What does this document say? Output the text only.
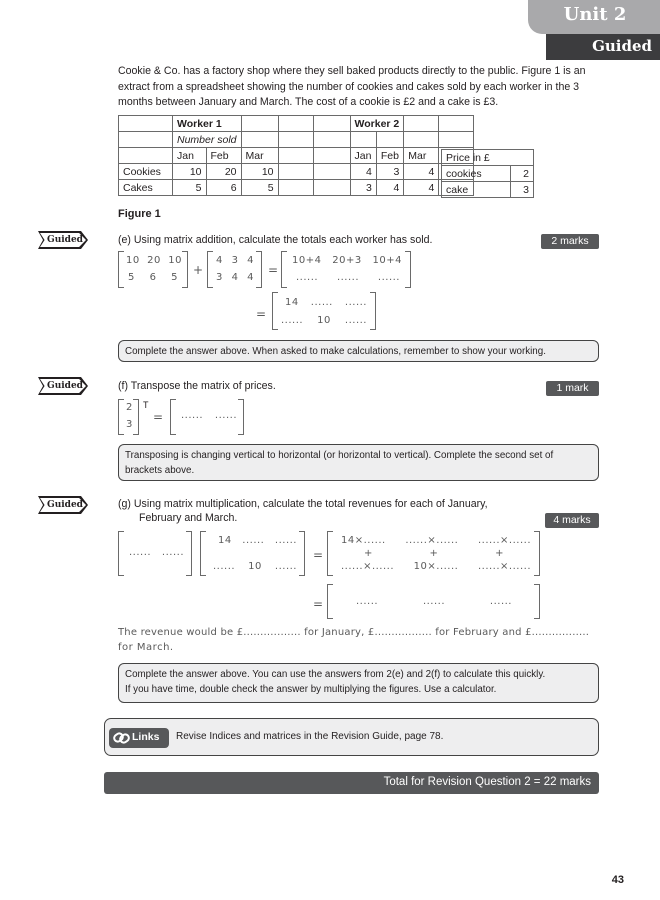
Unit 2
Guided
Cookie & Co. has a factory shop where they sell baked products directly to the public. Figure 1 is an extract from a spreadsheet showing the number of cookies and cakes sold by each worker in the 3 months between January and March. The cost of a cookie is £2 and a cake is £3.
	Worker 1					Worker 2			
	Number sold								
	Jan	Feb	Mar			Jan	Feb	Mar	
Cookies	10	20	10			4	3	4	
Cakes	5	6	5			3	4	4	
Price in £	
cookies	2
cake	3
Figure 1
Guided	(e) Using matrix addition, calculate the totals each worker has sold.	2 marks
10 20 10
5 6 5
+
4 3 4
3 4 4
=
10+4 20+3 10+4
...... ...... ......
=
14 ...... ......
...... 10 ......
Complete the answer above. When asked to make calculations, remember to show your working.
Guided	(f) Transpose the matrix of prices.	1 mark
2
3
T
= ...... ......
Transposing is changing vertical to horizontal (or horizontal to vertical). Complete the second set of brackets above.
Guided	(g) Using matrix multiplication, calculate the total revenues for each of January,
February and March.	4 marks
...... ......
14 ...... ......
...... 10 ......
=
14×...... ......×...... ......×......
+	+	+
......×...... 10×...... ......×......
=	......	......	......
The revenue would be £................. for January, £................. for February and £.................
for March.
Complete the answer above. You can use the answers from 2(e) and 2(f) to calculate this quickly.
If you have time, double check the answer by multiplying the figures. Use a calculator.
Links Revise Indices and matrices in the Revision Guide, page 78.
Total for Revision Question 2 = 22 marks
43
